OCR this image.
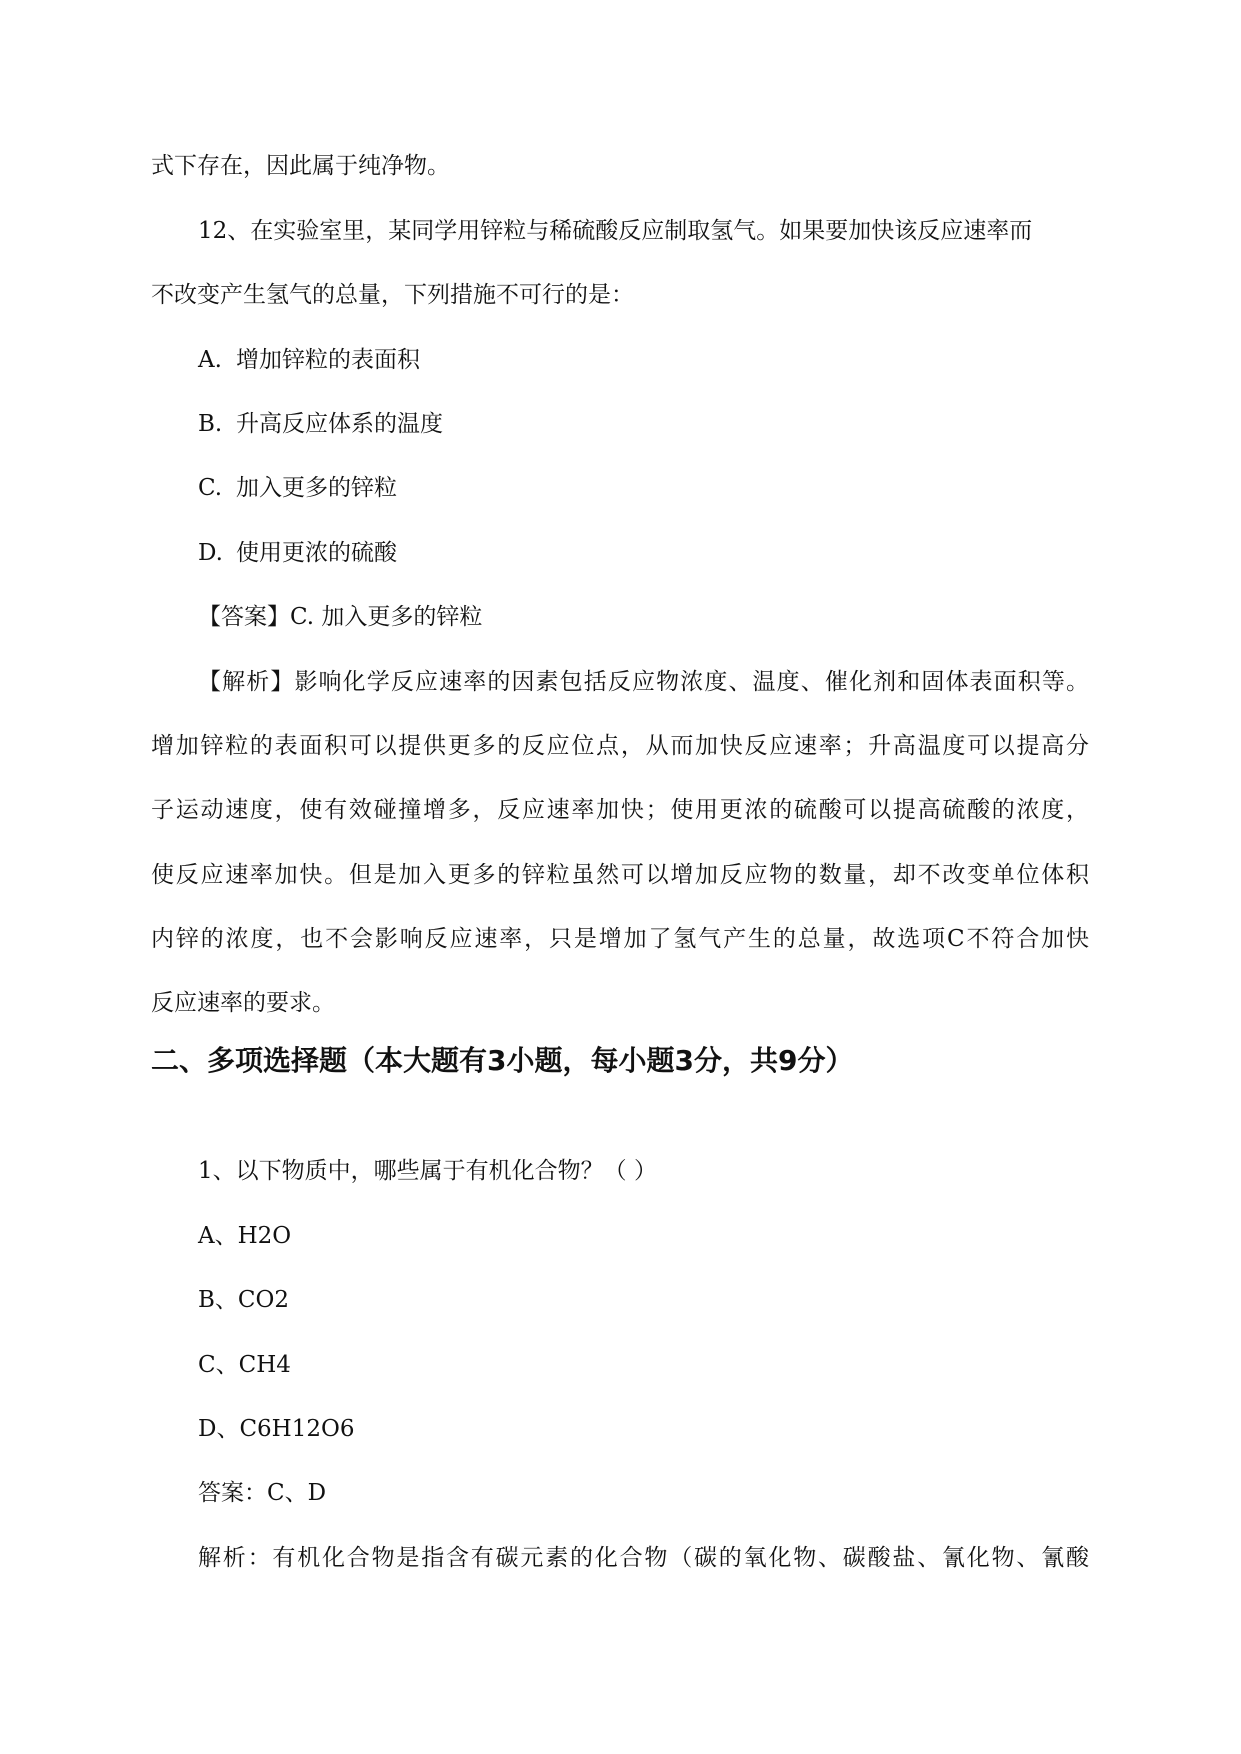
式下存在，因此属于纯净物。
12、在实验室里，某同学用锌粒与稀硫酸反应制取氢气。如果要加快该反应速率而
不改变产生氢气的总量，下列措施不可行的是：
A. 增加锌粒的表面积
B. 升高反应体系的温度
C. 加入更多的锌粒
D. 使用更浓的硫酸
【答案】C. 加入更多的锌粒
【解析】影响化学反应速率的因素包括反应物浓度、温度、催化剂和固体表面积等。
增加锌粒的表面积可以提供更多的反应位点，从而加快反应速率；升高温度可以提高分
子运动速度，使有效碰撞增多，反应速率加快；使用更浓的硫酸可以提高硫酸的浓度，
使反应速率加快。但是加入更多的锌粒虽然可以增加反应物的数量，却不改变单位体积
内锌的浓度，也不会影响反应速率，只是增加了氢气产生的总量，故选项C不符合加快
反应速率的要求。
二、多项选择题（本大题有3小题，每小题3分，共9分）
1、以下物质中，哪些属于有机化合物？（ ）
A、H2O
B、CO2
C、CH4
D、C6H12O6
答案：C、D
解析：有机化合物是指含有碳元素的化合物（碳的氧化物、碳酸盐、氰化物、氰酸
